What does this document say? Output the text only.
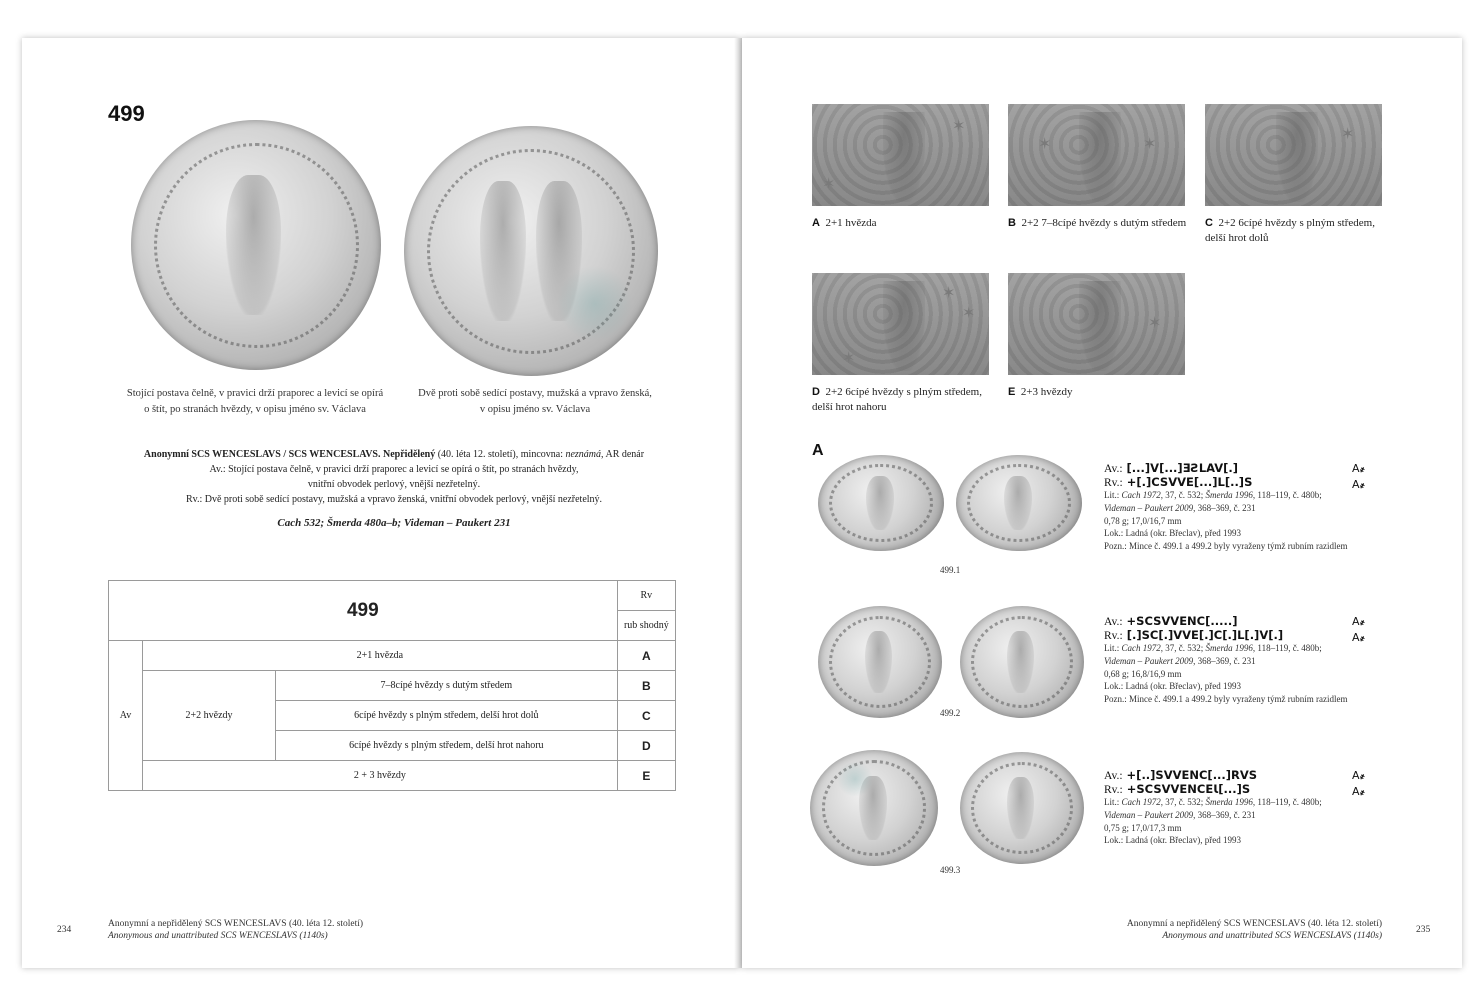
499
Stojící postava čelně, v pravici drží praporec a levicí se opírá
o štít, po stranách hvězdy, v opisu jméno sv. Václava
Dvě proti sobě sedící postavy, mužská a vpravo ženská,
v opisu jméno sv. Václava
Anonymní SCS WENCESLAVS / SCS WENCESLAVS. Nepřidělený (40. léta 12. století), mincovna: neznámá, AR denár
Av.: Stojící postava čelně, v pravici drží praporec a levicí se opírá o štít, po stranách hvězdy,
vnitřní obvodek perlový, vnější nezřetelný.
Rv.: Dvě proti sobě sedící postavy, mužská a vpravo ženská, vnitřní obvodek perlový, vnější nezřetelný.
Cach 532; Šmerda 480a–b; Videman – Paukert 231
499			Rv
			rub shodný
Av	2+1 hvězda		A
	2+2 hvězdy	7–8cípé hvězdy s dutým středem	B
		6cípé hvězdy s plným středem, delší hrot dolů	C
		6cípé hvězdy s plným středem, delší hrot nahoru	D
	2 + 3 hvězdy		E
234
Anonymní a nepřidělený SCS WENCESLAVS (40. léta 12. století)
Anonymous and unattributed SCS WENCESLAVS (1140s)
✶
✶
✶	✶
✶
A 2+1 hvězda	B 2+2 7–8cípé hvězdy s dutým středem C 2+2 6cípé hvězdy s plným středem, delší hrot dolů
✶
✶
✶
✶
D 2+2 6cípé hvězdy s plným středem, delší hrot nahoru
E 2+3 hvězdy
A
499.1
499.2
499.3
Av.: [...]V[...]ƎꙄLAV[.]
Rv.: +[.]CSVVE[...]L[..]S
Lit.: Cach 1972, 37, č. 532; Šmerda 1996, 118–119, č. 480b;
Videman – Paukert 2009, 368–369, č. 231
0,78 g; 17,0/16,7 mm
Lok.: Ladná (okr. Břeclav), před 1993
Pozn.: Mince č. 499.1 a 499.2 byly vyraženy týmž rubním razidlem
A҂
A҂
Av.: +SCSVVENC[.....]
Rv.: [.]SC[.]VVE[.]C[.]L[.]V[.]
Lit.: Cach 1972, 37, č. 532; Šmerda 1996, 118–119, č. 480b;
Videman – Paukert 2009, 368–369, č. 231
0,68 g; 16,8/16,9 mm
Lok.: Ladná (okr. Břeclav), před 1993
Pozn.: Mince č. 499.1 a 499.2 byly vyraženy týmž rubním razidlem
A҂
A҂
Av.: +[..]SVVENC[...]RVS
Rv.: +SCSVVENCEꙆ[...]S
Lit.: Cach 1972, 37, č. 532; Šmerda 1996, 118–119, č. 480b;
Videman – Paukert 2009, 368–369, č. 231
0,75 g; 17,0/17,3 mm
Lok.: Ladná (okr. Břeclav), před 1993
A҂
A҂
Anonymní a nepřidělený SCS WENCESLAVS (40. léta 12. století)
Anonymous and unattributed SCS WENCESLAVS (1140s)
235
